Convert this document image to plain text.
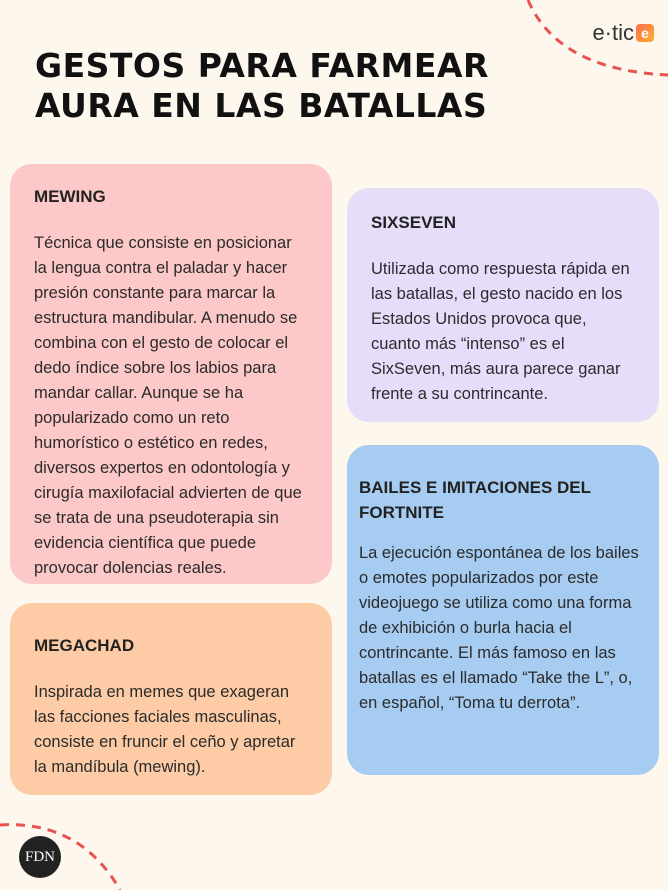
e·tic e
GESTOS PARA FARMEAR
AURA EN LAS BATALLAS
MEWING

Técnica que consiste en posicionar la lengua contra el paladar y hacer presión constante para marcar la estructura mandibular. A menudo se combina con el gesto de colocar el dedo índice sobre los labios para mandar callar. Aunque se ha popularizado como un reto humorístico o estético en redes, diversos expertos en odontología y cirugía maxilofacial advierten de que se trata de una pseudoterapia sin evidencia científica que puede provocar dolencias reales.

MEGACHAD

Inspirada en memes que exageran las facciones faciales masculinas, consiste en fruncir el ceño y apretar la mandíbula (mewing).

SIXSEVEN

Utilizada como respuesta rápida en las batallas, el gesto nacido en los Estados Unidos provoca que, cuanto más “intenso” es el SixSeven, más aura parece ganar frente a su contrincante.

BAILES E IMITACIONES DEL FORTNITE

La ejecución espontánea de los bailes o emotes popularizados por este videojuego se utiliza como una forma de exhibición o burla hacia el contrincante. El más famoso en las batallas es el llamado “Take the L”, o, en español, “Toma tu derrota”.

FDN
